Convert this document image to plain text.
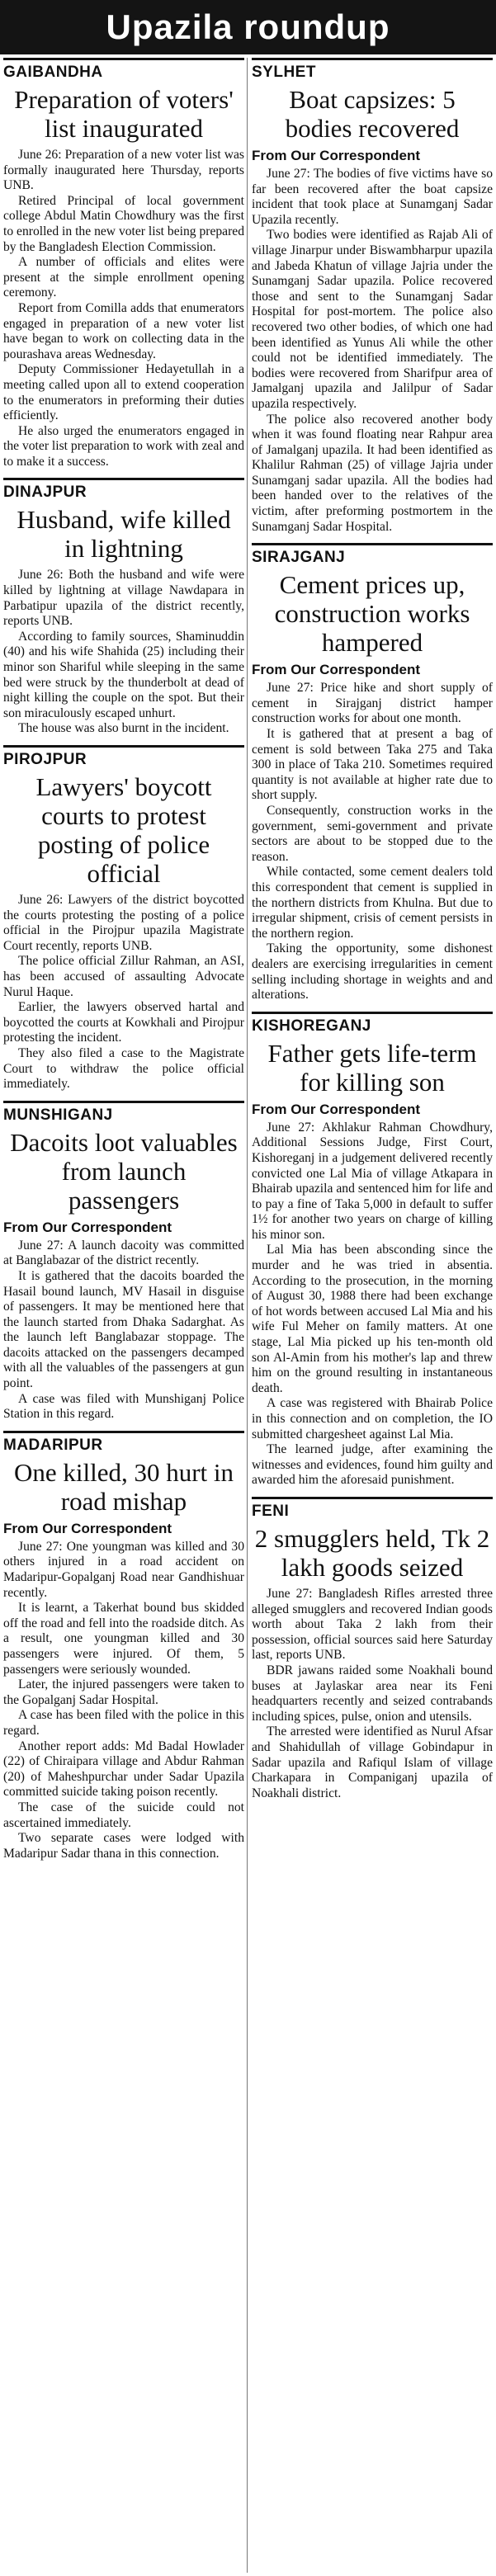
Upazila roundup
GAIBANDHA
Preparation of voters' list inaugurated

June 26: Preparation of a new voter list was formally inaugurated here Thursday, reports UNB.

Retired Principal of local government college Abdul Matin Chowdhury was the first to enrolled in the new voter list being prepared by the Bangladesh Election Commission.

A number of officials and elites were present at the simple enrollment opening ceremony.

Report from Comilla adds that enumerators engaged in preparation of a new voter list have began to work on collecting data in the pourashava areas Wednesday.

Deputy Commissioner Hedayetullah in a meeting called upon all to extend cooperation to the enumerators in preforming their duties efficiently.

He also urged the enumerators engaged in the voter list preparation to work with zeal and to make it a success.

DINAJPUR
Husband, wife killed in lightning

June 26: Both the husband and wife were killed by lightning at village Nawdapara in Parbatipur upazila of the district recently, reports UNB.

According to family sources, Shaminuddin (40) and his wife Shahida (25) including their minor son Shariful while sleeping in the same bed were struck by the thunderbolt at dead of night killing the couple on the spot. But their son miraculously escaped unhurt.

The house was also burnt in the incident.

PIROJPUR
Lawyers' boycott courts to protest posting of police official

June 26: Lawyers of the district boycotted the courts protesting the posting of a police official in the Pirojpur upazila Magistrate Court recently, reports UNB.

The police official Zillur Rahman, an ASI, has been accused of assaulting Advocate Nurul Haque.

Earlier, the lawyers observed hartal and boycotted the courts at Kowkhali and Pirojpur protesting the incident.

They also filed a case to the Magistrate Court to withdraw the police official immediately.

MUNSHIGANJ
Dacoits loot valuables from launch passengers
From Our Correspondent

June 27: A launch dacoity was committed at Banglabazar of the district recently.

It is gathered that the dacoits boarded the Hasail bound launch, MV Hasail in disguise of passengers. It may be mentioned here that the launch started from Dhaka Sadarghat. As the launch left Banglabazar stoppage. The dacoits attacked on the passengers decamped with all the valuables of the passengers at gun point.

A case was filed with Munshiganj Police Station in this regard.

MADARIPUR
One killed, 30 hurt in road mishap
From Our Correspondent

June 27: One youngman was killed and 30 others injured in a road accident on Madaripur-Gopalganj Road near Gandhishuar recently.

It is learnt, a Takerhat bound bus skidded off the road and fell into the roadside ditch. As a result, one youngman killed and 30 passengers were injured. Of them, 5 passengers were seriously wounded.

Later, the injured passengers were taken to the Gopalganj Sadar Hospital.

A case has been filed with the police in this regard.

Another report adds: Md Badal Howlader (22) of Chiraipara village and Abdur Rahman (20) of Maheshpurchar under Sadar Upazila committed suicide taking poison recently.

The case of the suicide could not ascertained immediately.

Two separate cases were lodged with Madaripur Sadar thana in this connection.

SYLHET
Boat capsizes: 5 bodies recovered
From Our Correspondent

June 27: The bodies of five victims have so far been recovered after the boat capsize incident that took place at Sunamganj Sadar Upazila recently.

Two bodies were identified as Rajab Ali of village Jinarpur under Biswambharpur upazila and Jabeda Khatun of village Jajria under the Sunamganj Sadar upazila. Police recovered those and sent to the Sunamganj Sadar Hospital for post-mortem. The police also recovered two other bodies, of which one had been identified as Yunus Ali while the other could not be identified immediately. The bodies were recovered from Sharifpur area of Jamalganj upazila and Jalilpur of Sadar upazila respectively.

The police also recovered another body when it was found floating near Rahpur area of Jamalganj upazila. It had been identified as Khalilur Rahman (25) of village Jajria under Sunamganj sadar upazila. All the bodies had been handed over to the relatives of the victim, after preforming postmortem in the Sunamganj Sadar Hospital.

SIRAJGANJ
Cement prices up, construction works hampered
From Our Correspondent

June 27: Price hike and short supply of cement in Sirajganj district hamper construction works for about one month.

It is gathered that at present a bag of cement is sold between Taka 275 and Taka 300 in place of Taka 210. Sometimes required quantity is not available at higher rate due to short supply.

Consequently, construction works in the government, semi-government and private sectors are about to be stopped due to the reason.

While contacted, some cement dealers told this correspondent that cement is supplied in the northern districts from Khulna. But due to irregular shipment, crisis of cement persists in the northern region.

Taking the opportunity, some dishonest dealers are exercising irregularities in cement selling including shortage in weights and and alterations.

KISHOREGANJ
Father gets life-term for killing son
From Our Correspondent

June 27: Akhlakur Rahman Chowdhury, Additional Sessions Judge, First Court, Kishoreganj in a judgement delivered recently convicted one Lal Mia of village Atkapara in Bhairab upazila and sentenced him for life and to pay a fine of Taka 5,000 in default to suffer 1½ for another two years on charge of killing his minor son.

Lal Mia has been absconding since the murder and he was tried in absentia. According to the prosecution, in the morning of August 30, 1988 there had been exchange of hot words between accused Lal Mia and his wife Ful Meher on family matters. At one stage, Lal Mia picked up his ten-month old son Al-Amin from his mother's lap and threw him on the ground resulting in instantaneous death.

A case was registered with Bhairab Police in this connection and on completion, the IO submitted chargesheet against Lal Mia.

The learned judge, after examining the witnesses and evidences, found him guilty and awarded him the aforesaid punishment.

FENI
2 smugglers held, Tk 2 lakh goods seized

June 27: Bangladesh Rifles arrested three alleged smugglers and recovered Indian goods worth about Taka 2 lakh from their possession, official sources said here Saturday last, reports UNB.

BDR jawans raided some Noakhali bound buses at Jaylaskar area near its Feni headquarters recently and seized contrabands including spices, pulse, onion and utensils.

The arrested were identified as Nurul Afsar and Shahidullah of village Gobindapur in Sadar upazila and Rafiqul Islam of village Charkapara in Companiganj upazila of Noakhali district.
